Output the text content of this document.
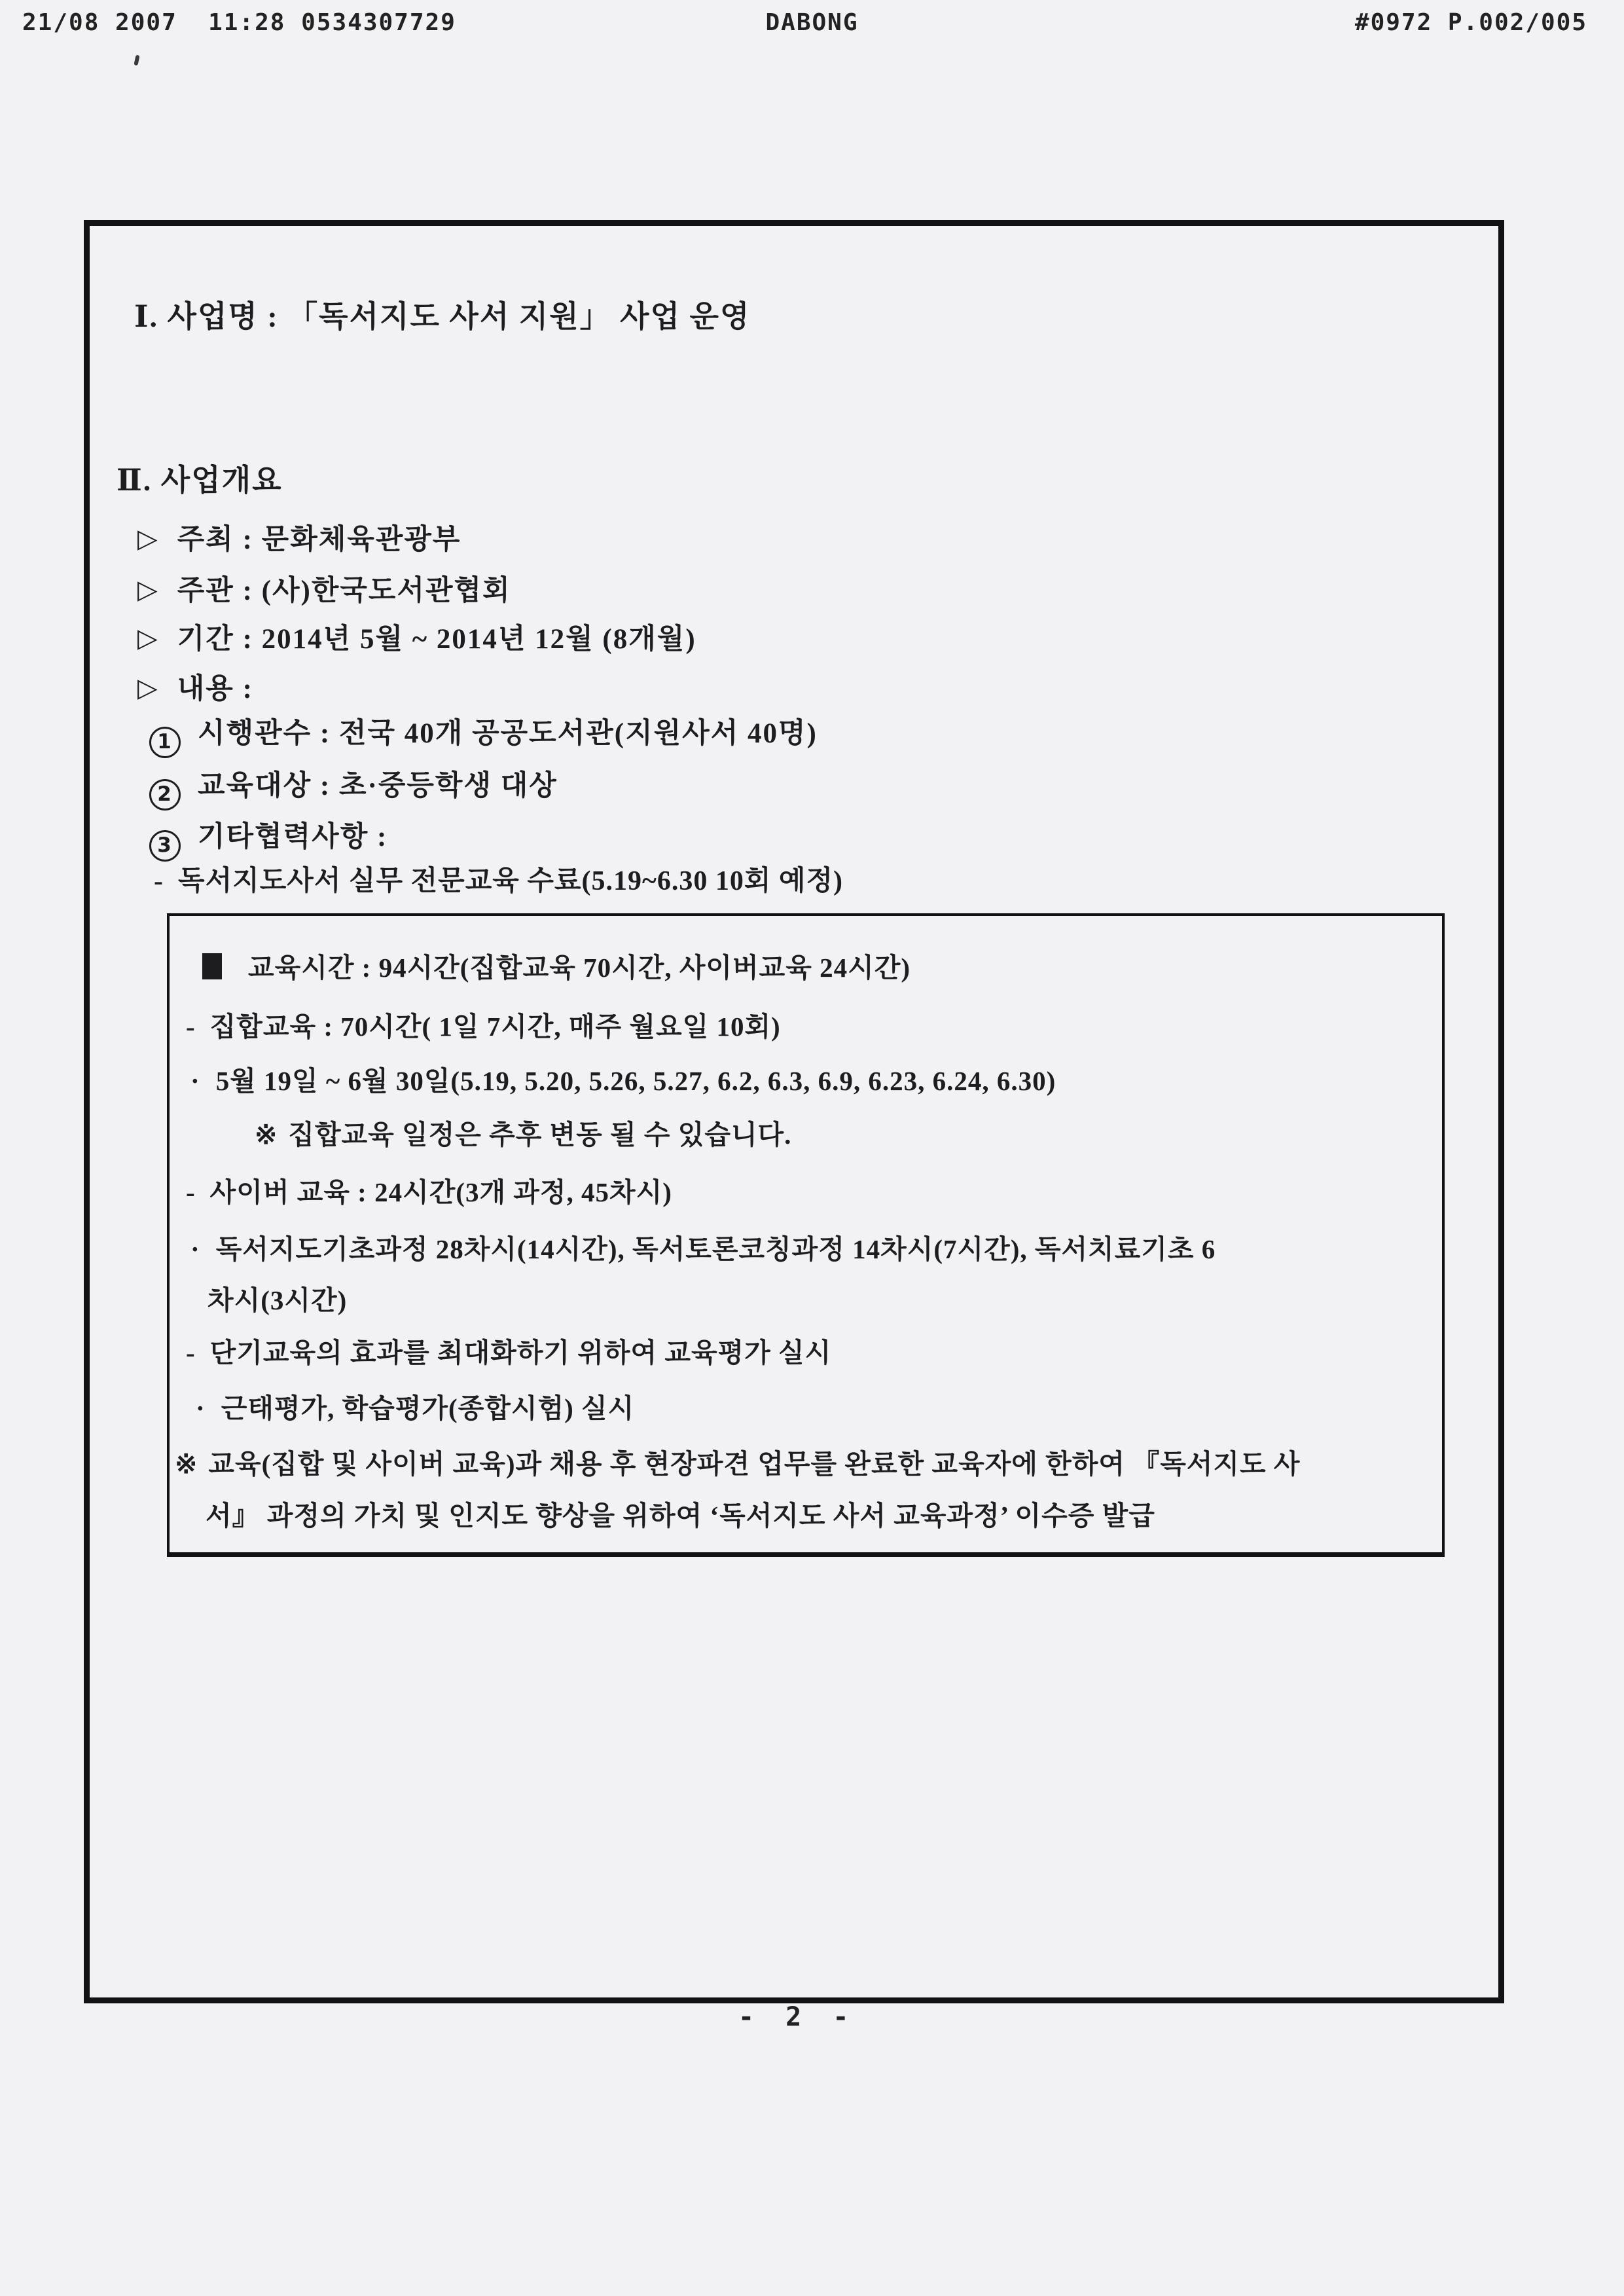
21/08 2007  11:28 0534307729

	DABONG

	#0972 P.002/005

Ⅰ. 사업명 : 「독서지도 사서 지원」 사업 운영
Ⅱ. 사업개요
▷ 주최 : 문화체육관광부
▷ 주관 : (사)한국도서관협회
▷ 기간 : 2014년 5월 ~ 2014년 12월 (8개월)
▷ 내용 :
1 시행관수 : 전국 40개 공공도서관(지원사서 40명)
2 교육대상 : 초·중등학생 대상
3 기타협력사항 :
- 독서지도사서 실무 전문교육 수료(5.19~6.30 10회 예정)
교육시간 : 94시간(집합교육 70시간, 사이버교육 24시간)
- 집합교육 : 70시간( 1일 7시간, 매주 월요일 10회)
· 5월 19일 ~ 6월 30일(5.19, 5.20, 5.26, 5.27, 6.2, 6.3, 6.9, 6.23, 6.24, 6.30)
※ 집합교육 일정은 추후 변동 될 수 있습니다.
- 사이버 교육 : 24시간(3개 과정, 45차시)
· 독서지도기초과정 28차시(14시간), 독서토론코칭과정 14차시(7시간), 독서치료기초 6
차시(3시간)
- 단기교육의 효과를 최대화하기 위하여 교육평가 실시
· 근태평가, 학습평가(종합시험) 실시
※ 교육(집합 및 사이버 교육)과 채용 후 현장파견 업무를 완료한 교육자에 한하여 『독서지도 사
서』 과정의 가치 및 인지도 향상을 위하여 ‘독서지도 사서 교육과정’ 이수증 발급
- 2 -
